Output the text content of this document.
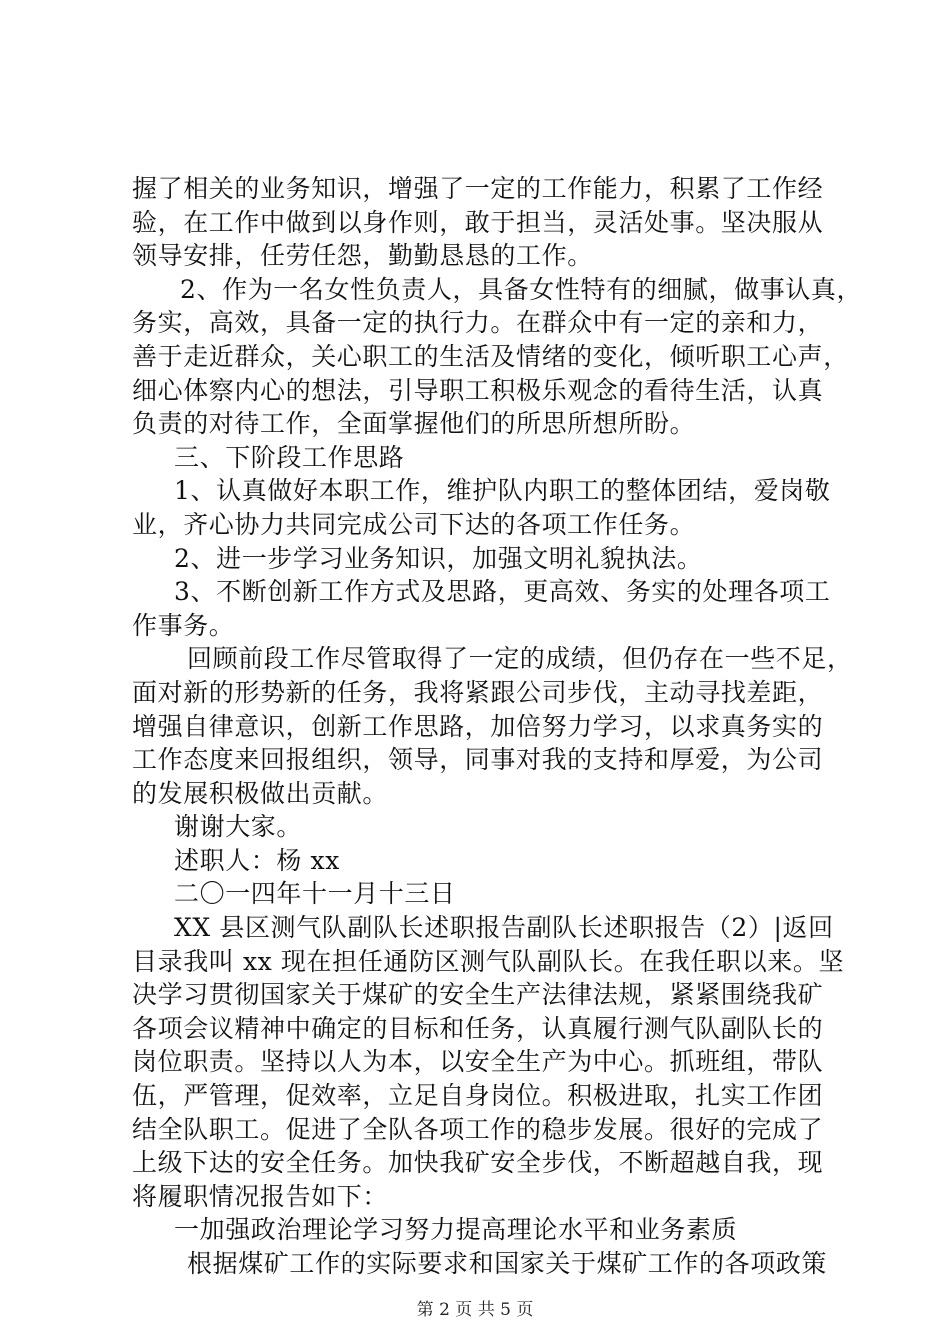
握了相关的业务知识，增强了一定的工作能力，积累了工作经
验，在工作中做到以身作则，敢于担当，灵活处事。坚决服从
领导安排，任劳任怨，勤勤恳恳的工作。
2、作为一名女性负责人，具备女性特有的细腻，做事认真，
务实，高效，具备一定的执行力。在群众中有一定的亲和力，
善于走近群众，关心职工的生活及情绪的变化，倾听职工心声，
细心体察内心的想法，引导职工积极乐观念的看待生活，认真
负责的对待工作，全面掌握他们的所思所想所盼。
三、下阶段工作思路
1、认真做好本职工作，维护队内职工的整体团结，爱岗敬
业，齐心协力共同完成公司下达的各项工作任务。
2、进一步学习业务知识，加强文明礼貌执法。
3、不断创新工作方式及思路，更高效、务实的处理各项工
作事务。
回顾前段工作尽管取得了一定的成绩，但仍存在一些不足，
面对新的形势新的任务，我将紧跟公司步伐，主动寻找差距，
增强自律意识，创新工作思路，加倍努力学习，以求真务实的
工作态度来回报组织，领导，同事对我的支持和厚爱，为公司
的发展积极做出贡献。
谢谢大家。
述职人：杨 xx
二〇一四年十一月十三日
XX 县区测气队副队长述职报告副队长述职报告（2）|返回
目录我叫 xx 现在担任通防区测气队副队长。在我任职以来。坚
决学习贯彻国家关于煤矿的安全生产法律法规，紧紧围绕我矿
各项会议精神中确定的目标和任务，认真履行测气队副队长的
岗位职责。坚持以人为本，以安全生产为中心。抓班组，带队
伍，严管理，促效率，立足自身岗位。积极进取，扎实工作团
结全队职工。促进了全队各项工作的稳步发展。很好的完成了
上级下达的安全任务。加快我矿安全步伐，不断超越自我，现
将履职情况报告如下：
一加强政治理论学习努力提高理论水平和业务素质
根据煤矿工作的实际要求和国家关于煤矿工作的各项政策
第 2 页 共 5 页
